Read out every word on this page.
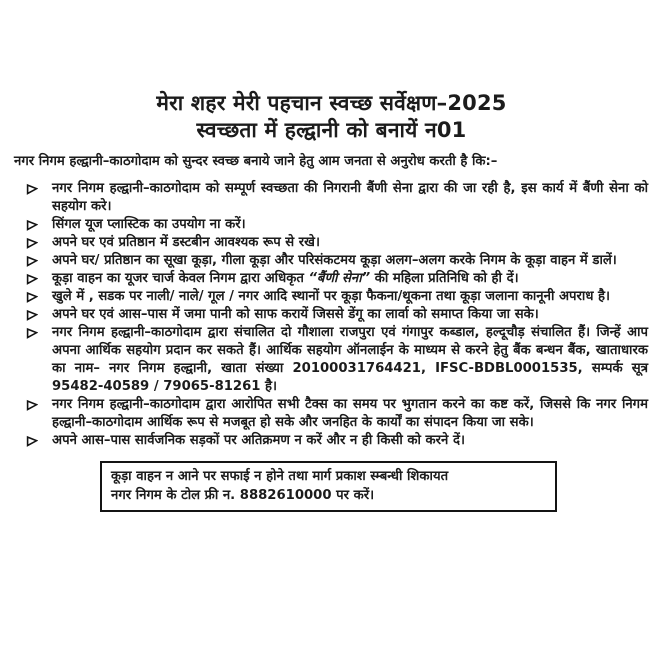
मेरा शहर मेरी पहचान स्वच्छ सर्वेक्षण–2025
स्वच्छता में हल्द्वानी को बनायें न01
नगर निगम हल्द्वानी–काठगोदाम को सुन्दर स्वच्छ बनाये जाने हेतु आम जनता से अनुरोध करती है कि:–
नगर निगम हल्द्वानी–काठगोदाम को सम्पूर्ण स्वच्छता की निगरानी बैंणी सेना द्वारा की जा रही है, इस कार्य में बैंणी सेना को सहयोग करे।
सिंगल यूज प्लास्टिक का उपयोग ना करें।
अपने घर एवं प्रतिष्ठान में डस्टबीन आवश्यक रूप से रखे।
अपने घर/ प्रतिष्ठान का सूखा कूड़ा, गीला कूड़ा और परिसंकटमय कूड़ा अलग–अलग करके निगम के कूड़ा वाहन में डालें।
कूड़ा वाहन का यूजर चार्ज केवल निगम द्वारा अधिकृत “बैंणी सेना” की महिला प्रतिनिधि को ही दें।
खुले में , सडक पर नाली/ नाले/ गूल / नगर आदि स्थानों पर कूड़ा फैकना/थूकना तथा कूड़ा जलाना कानूनी अपराध है।
अपने घर एवं आस–पास में जमा पानी को साफ करायें जिससे डेंगू का लार्वा को समाप्त किया जा सके।
नगर निगम हल्द्वानी–काठगोदाम द्वारा संचालित दो गौशाला राजपुरा एवं गंगापुर कब्डाल, हल्दूचौड़ संचालित हैं। जिन्हें आप अपना आर्थिक सहयोग प्रदान कर सकते हैं। आर्थिक सहयोग ऑनलाईन के माध्यम से करने हेतु बैंक बन्धन बैंक, खाताधारक का नाम– नगर निगम हल्द्वानी, खाता संख्या 20100031764421, IFSC-BDBL0001535, सम्पर्क सूत्र 95482-40589 / 79065-81261 है।
नगर निगम हल्द्वानी–काठगोदाम द्वारा आरोपित सभी टैक्स का समय पर भुगतान करने का कष्ट करें, जिससे कि नगर निगम हल्द्वानी–काठगोदाम आर्थिक रूप से मजबूत हो सके और जनहित के कार्यों का संपादन किया जा सके।
अपने आस–पास सार्वजनिक सड़कों पर अतिक्रमण न करें और न ही किसी को करने दें।
कूड़ा वाहन न आने पर सफाई न होने तथा मार्ग प्रकाश स्म्बन्धी शिकायत
नगर निगम के टोल फ्री न. 8882610000 पर करें।
